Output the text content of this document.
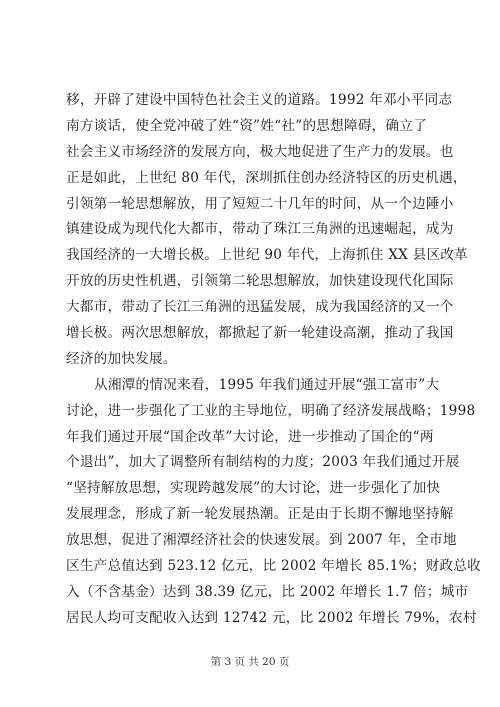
移，开辟了建设中国特色社会主义的道路。1992 年邓小平同志
南方谈话，使全党冲破了姓“资”姓“社”的思想障碍，确立了
社会主义市场经济的发展方向，极大地促进了生产力的发展。也
正是如此，上世纪 80 年代，深圳抓住创办经济特区的历史机遇，
引领第一轮思想解放，用了短短二十几年的时间，从一个边陲小
镇建设成为现代化大都市，带动了珠江三角洲的迅速崛起，成为
我国经济的一大增长极。上世纪 90 年代，上海抓住 XX 县区改革
开放的历史性机遇，引领第二轮思想解放，加快建设现代化国际
大都市，带动了长江三角洲的迅猛发展，成为我国经济的又一个
增长极。两次思想解放，都掀起了新一轮建设高潮，推动了我国
经济的加快发展。
从湘潭的情况来看，1995 年我们通过开展“强工富市”大
讨论，进一步强化了工业的主导地位，明确了经济发展战略；1998
年我们通过开展“国企改革”大讨论，进一步推动了国企的“两
个退出”，加大了调整所有制结构的力度；2003 年我们通过开展
“坚持解放思想，实现跨越发展”的大讨论，进一步强化了加快
发展理念，形成了新一轮发展热潮。正是由于长期不懈地坚持解
放思想，促进了湘潭经济社会的快速发展。到 2007 年，全市地
区生产总值达到 523.12 亿元，比 2002 年增长 85.1%；财政总收
入（不含基金）达到 38.39 亿元，比 2002 年增长 1.7 倍；城市
居民人均可支配收入达到 12742 元，比 2002 年增长 79%，农村
第 3 页 共 20 页
